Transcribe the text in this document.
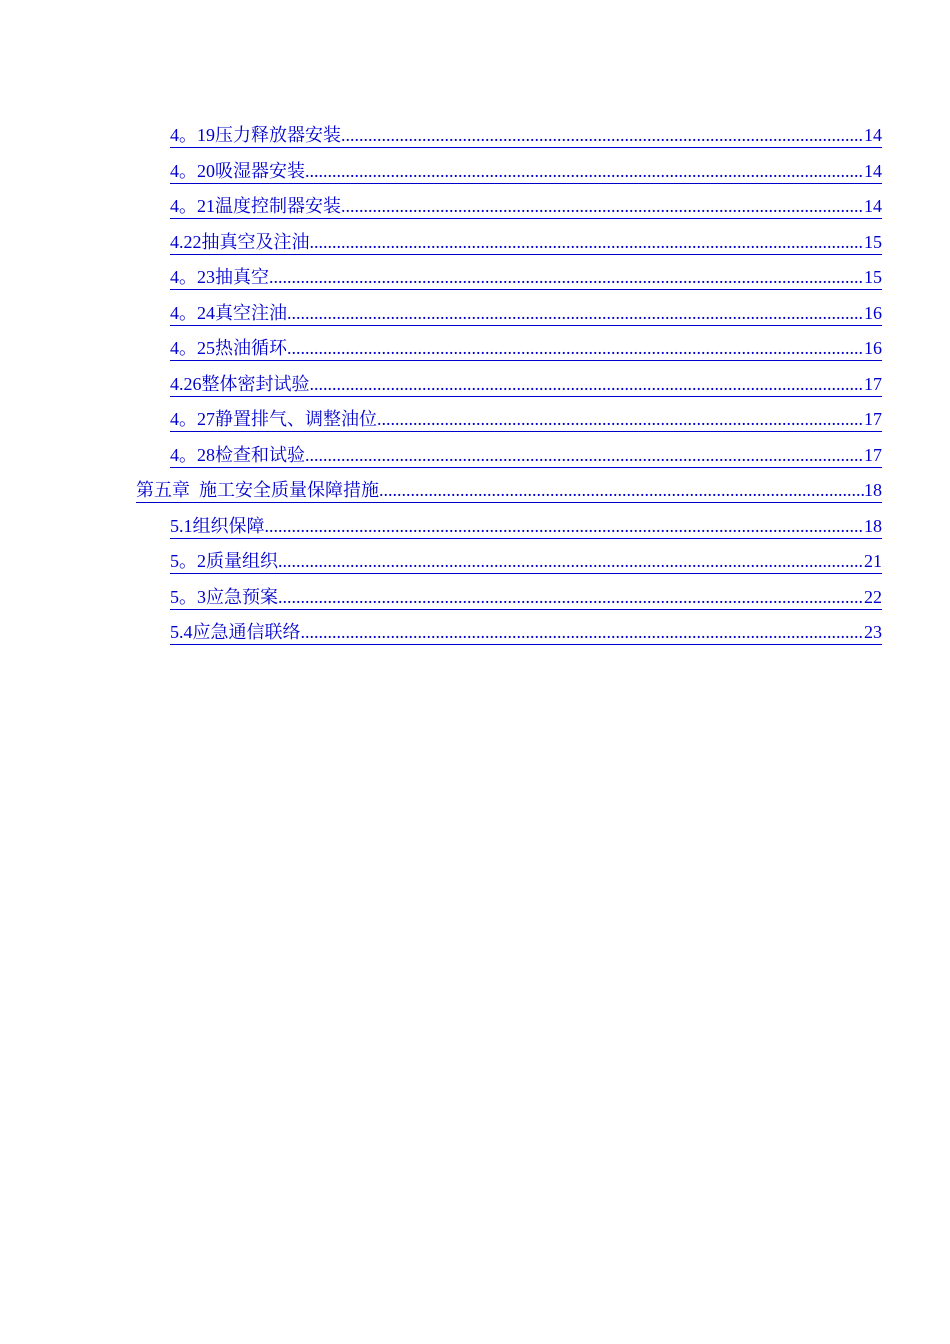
4。19压力释放器安装 .....	14
4。20吸湿器安装 .....	14
4。21温度控制器安装 .....	14
4.22抽真空及注油 .....	15
4。23抽真空 .....	15
4。24真空注油 .....	16
4。25热油循环 .....	16
4.26整体密封试验 .....	17
4。27静置排气、调整油位 .....	17
4。28检查和试验 .....	17
第五章  施工安全质量保障措施 .....	18
5.1组织保障 .....	18
5。2质量组织 .....	21
5。3应急预案 .....	22
5.4应急通信联络 .....	23
